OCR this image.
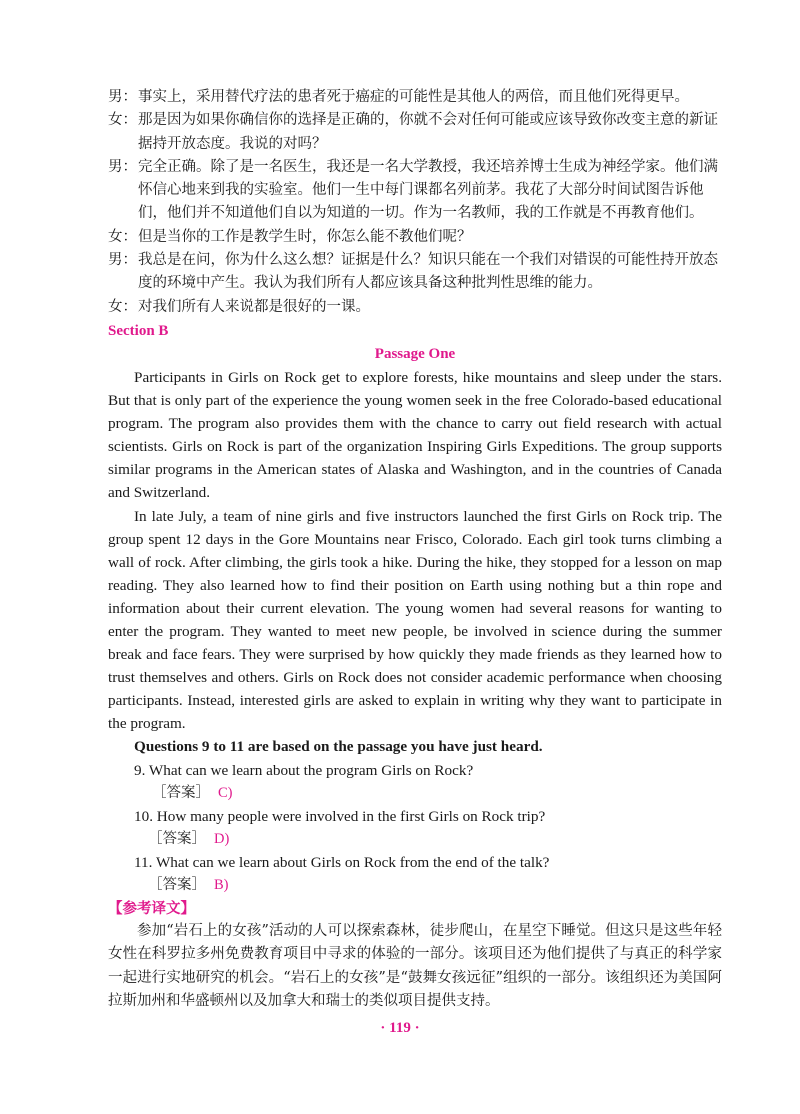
男：事实上，采用替代疗法的患者死于癌症的可能性是其他人的两倍，而且他们死得更早。
女：那是因为如果你确信你的选择是正确的，你就不会对任何可能或应该导致你改变主意的新证据持开放态度。我说的对吗？
男：完全正确。除了是一名医生，我还是一名大学教授，我还培养博士生成为神经学家。他们满怀信心地来到我的实验室。他们一生中每门课都名列前茅。我花了大部分时间试图告诉他们，他们并不知道他们自以为知道的一切。作为一名教师，我的工作就是不再教育他们。
女：但是当你的工作是教学生时，你怎么能不教他们呢？
男：我总是在问，你为什么这么想？证据是什么？知识只能在一个我们对错误的可能性持开放态度的环境中产生。我认为我们所有人都应该具备这种批判性思维的能力。
女：对我们所有人来说都是很好的一课。
Section B
Passage One

Participants in Girls on Rock get to explore forests, hike mountains and sleep under the stars. But that is only part of the experience the young women seek in the free Colorado-based educational program. The program also provides them with the chance to carry out field research with actual scientists. Girls on Rock is part of the organization Inspiring Girls Expeditions. The group supports similar programs in the American states of Alaska and Washington, and in the countries of Canada and Switzerland.

In late July, a team of nine girls and five instructors launched the first Girls on Rock trip. The group spent 12 days in the Gore Mountains near Frisco, Colorado. Each girl took turns climbing a wall of rock. After climbing, the girls took a hike. During the hike, they stopped for a lesson on map reading. They also learned how to find their position on Earth using nothing but a thin rope and information about their current elevation. The young women had several reasons for wanting to enter the program. They wanted to meet new people, be involved in science during the summer break and face fears. They were surprised by how quickly they made friends as they learned how to trust themselves and others. Girls on Rock does not consider academic performance when choosing participants. Instead, interested girls are asked to explain in writing why they want to participate in the program.

Questions 9 to 11 are based on the passage you have just heard.
9. What can we learn about the program Girls on Rock?
［答案］ C)
10. How many people were involved in the first Girls on Rock trip?
［答案］ D)
11. What can we learn about Girls on Rock from the end of the talk?
［答案］ B)
【参考译文】

参加“岩石上的女孩”活动的人可以探索森林，徒步爬山，在星空下睡觉。但这只是这些年轻女性在科罗拉多州免费教育项目中寻求的体验的一部分。该项目还为他们提供了与真正的科学家一起进行实地研究的机会。“岩石上的女孩”是“鼓舞女孩远征”组织的一部分。该组织还为美国阿拉斯加州和华盛顿州以及加拿大和瑞士的类似项目提供支持。

· 119 ·
